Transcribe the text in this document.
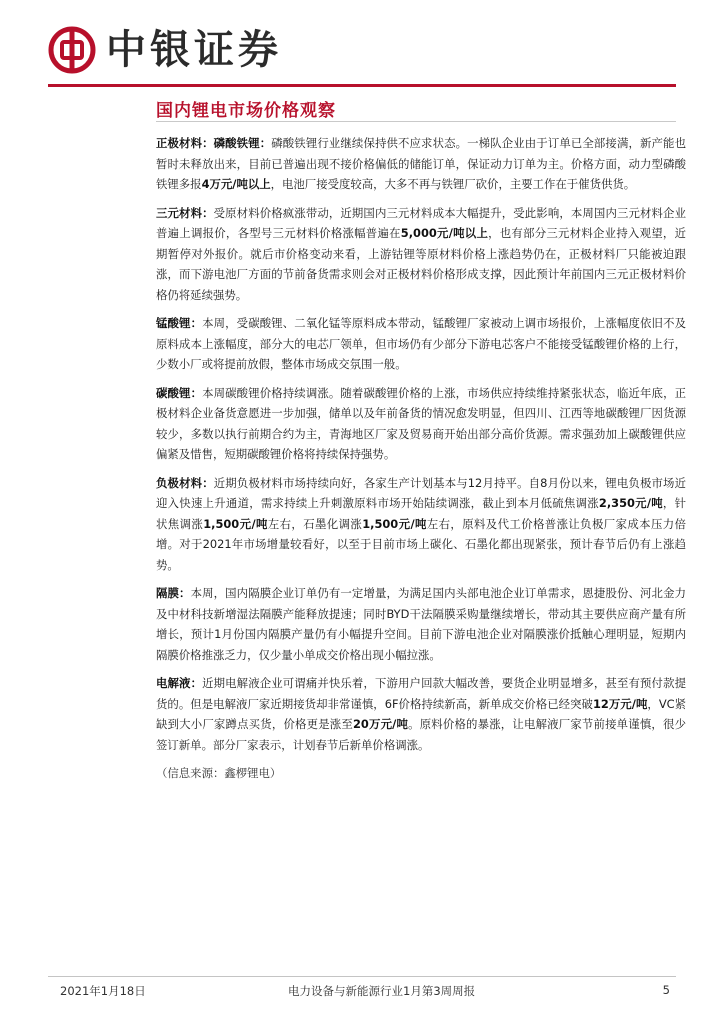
中银证券
国内锂电市场价格观察

正极材料：磷酸铁锂：磷酸铁锂行业继续保持供不应求状态。一梯队企业由于订单已全部接满，新产能也暂时未释放出来，目前已普遍出现不接价格偏低的储能订单，保证动力订单为主。价格方面，动力型磷酸铁锂多报4万元/吨以上，电池厂接受度较高，大多不再与铁锂厂砍价，主要工作在于催货供货。

三元材料：受原材料价格疯涨带动，近期国内三元材料成本大幅提升，受此影响，本周国内三元材料企业普遍上调报价，各型号三元材料价格涨幅普遍在5,000元/吨以上，也有部分三元材料企业持入观望，近期暂停对外报价。就后市价格变动来看，上游钴锂等原材料价格上涨趋势仍在，正极材料厂只能被迫跟涨，而下游电池厂方面的节前备货需求则会对正极材料价格形成支撑，因此预计年前国内三元正极材料价格仍将延续强势。

锰酸锂：本周，受碳酸锂、二氧化锰等原料成本带动，锰酸锂厂家被动上调市场报价，上涨幅度依旧不及原料成本上涨幅度，部分大的电芯厂领单，但市场仍有少部分下游电芯客户不能接受锰酸锂价格的上行，少数小厂或将提前放假，整体市场成交氛围一般。

碳酸锂：本周碳酸锂价格持续调涨。随着碳酸锂价格的上涨，市场供应持续维持紧张状态，临近年底，正极材料企业备货意愿进一步加强，储单以及年前备货的情况愈发明显，但四川、江西等地碳酸锂厂因货源较少，多数以执行前期合约为主，青海地区厂家及贸易商开始出部分高价货源。需求强劲加上碳酸锂供应偏紧及惜售，短期碳酸锂价格将持续保持强势。

负极材料：近期负极材料市场持续向好，各家生产计划基本与12月持平。自8月份以来，锂电负极市场近迎入快速上升通道，需求持续上升刺激原料市场开始陆续调涨，截止到本月低硫焦调涨2,350元/吨，针状焦调涨1,500元/吨左右，石墨化调涨1,500元/吨左右，原料及代工价格普涨让负极厂家成本压力倍增。对于2021年市场增量较看好，以至于目前市场上碳化、石墨化都出现紧张，预计春节后仍有上涨趋势。

隔膜：本周，国内隔膜企业订单仍有一定增量，为满足国内头部电池企业订单需求，恩捷股份、河北金力及中材科技新增湿法隔膜产能释放提速；同时BYD干法隔膜采购量继续增长，带动其主要供应商产量有所增长，预计1月份国内隔膜产量仍有小幅提升空间。目前下游电池企业对隔膜涨价抵触心理明显，短期内隔膜价格推涨乏力，仅少量小单成交价格出现小幅拉涨。

电解液：近期电解液企业可谓痛并快乐着，下游用户回款大幅改善，要货企业明显增多，甚至有预付款提货的。但是电解液厂家近期接货却非常谨慎，6F价格持续新高，新单成交价格已经突破12万元/吨，VC紧缺到大小厂家蹲点买货，价格更是涨至20万元/吨。原料价格的暴涨，让电解液厂家节前接单谨慎，很少签订新单。部分厂家表示，计划春节后新单价格调涨。

（信息来源：鑫椤锂电）
2021年1月18日	电力设备与新能源行业1月第3周周报	5
